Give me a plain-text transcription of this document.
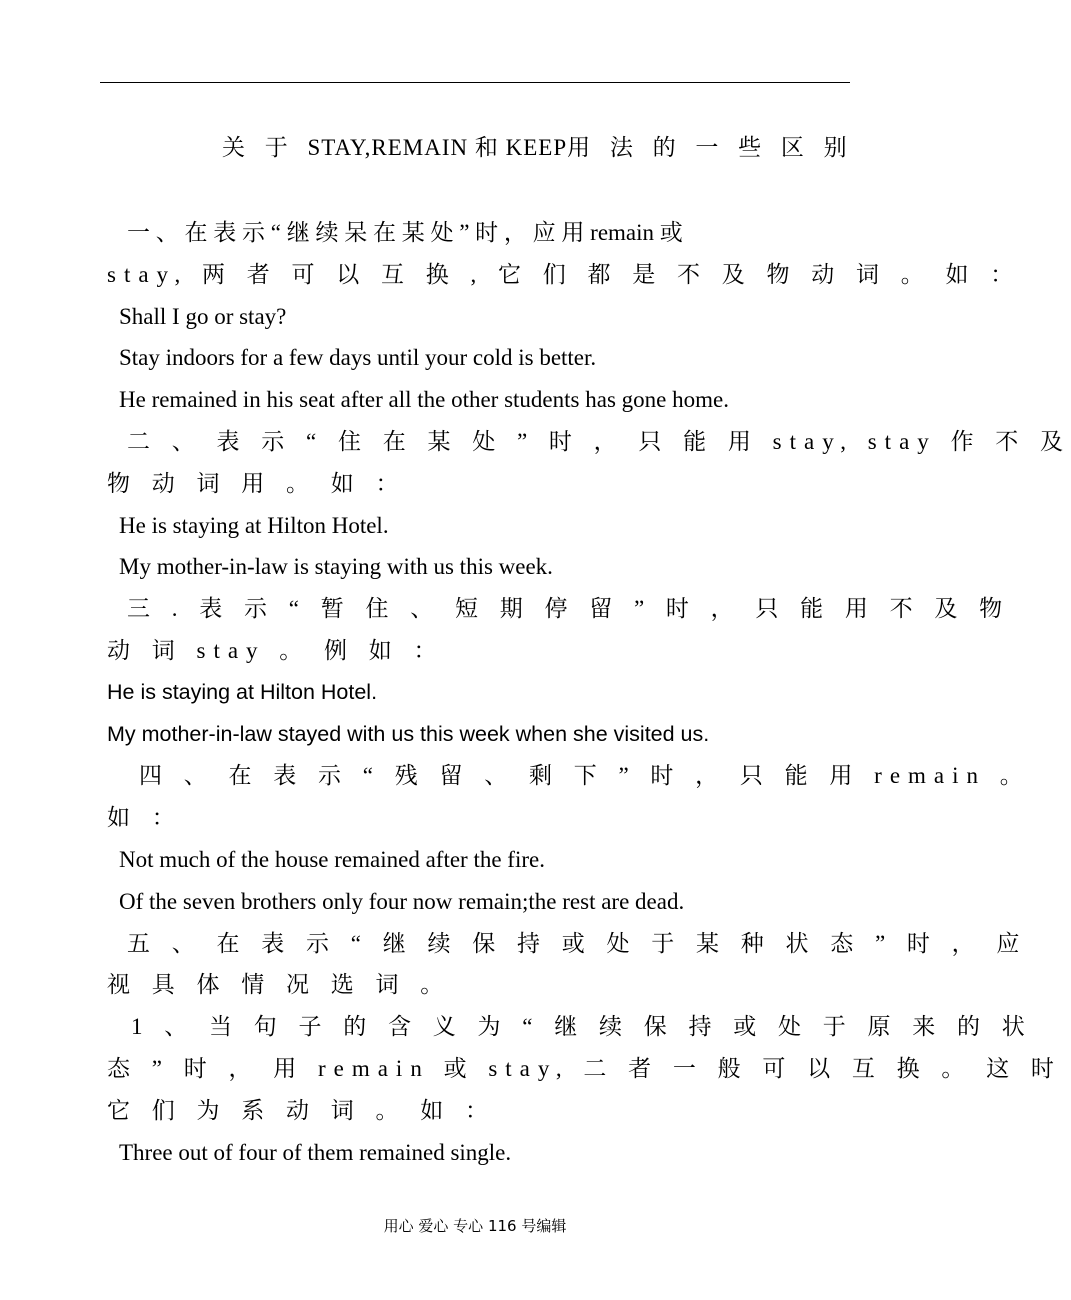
关 于 STAY,REMAIN 和 KEEP用 法 的 一 些 区 别
一 、 在 表 示 “ 继 续 呆 在 某 处 ” 时 ， 应 用 remain 或
stay, 两 者 可 以 互 换 , 它 们 都 是 不 及 物 动 词 。 如 ：
Shall I go or stay?
Stay indoors for a few days until your cold is better.
He remained in his seat after all the other students has gone home.
二 、 表 示 “ 住 在 某 处 ” 时 ， 只 能 用 stay, stay 作 不 及
物 动 词 用 。 如 ：
He is staying at Hilton Hotel.
My mother-in-law is staying with us this week.
三 . 表 示 “ 暂 住 、 短 期 停 留 ” 时 ， 只 能 用 不 及 物
动 词 stay 。 例 如 ：
He is staying at Hilton Hotel.
My mother-in-law stayed with us this week when she visited us.
四 、 在 表 示 “ 残 留 、 剩 下 ” 时 ， 只 能 用 remain 。
如 ：
Not much of the house remained after the fire.
Of the seven brothers only four now remain;the rest are dead.
五 、 在 表 示 “ 继 续 保 持 或 处 于 某 种 状 态 ” 时 ， 应
视 具 体 情 况 选 词 。
1 、 当 句 子 的 含 义 为 “ 继 续 保 持 或 处 于 原 来 的 状
态 ” 时 ， 用 remain 或 stay, 二 者 一 般 可 以 互 换 。 这 时
它 们 为 系 动 词 。 如 ：
Three out of four of them remained single.
用心 爱心 专心 116 号编辑
